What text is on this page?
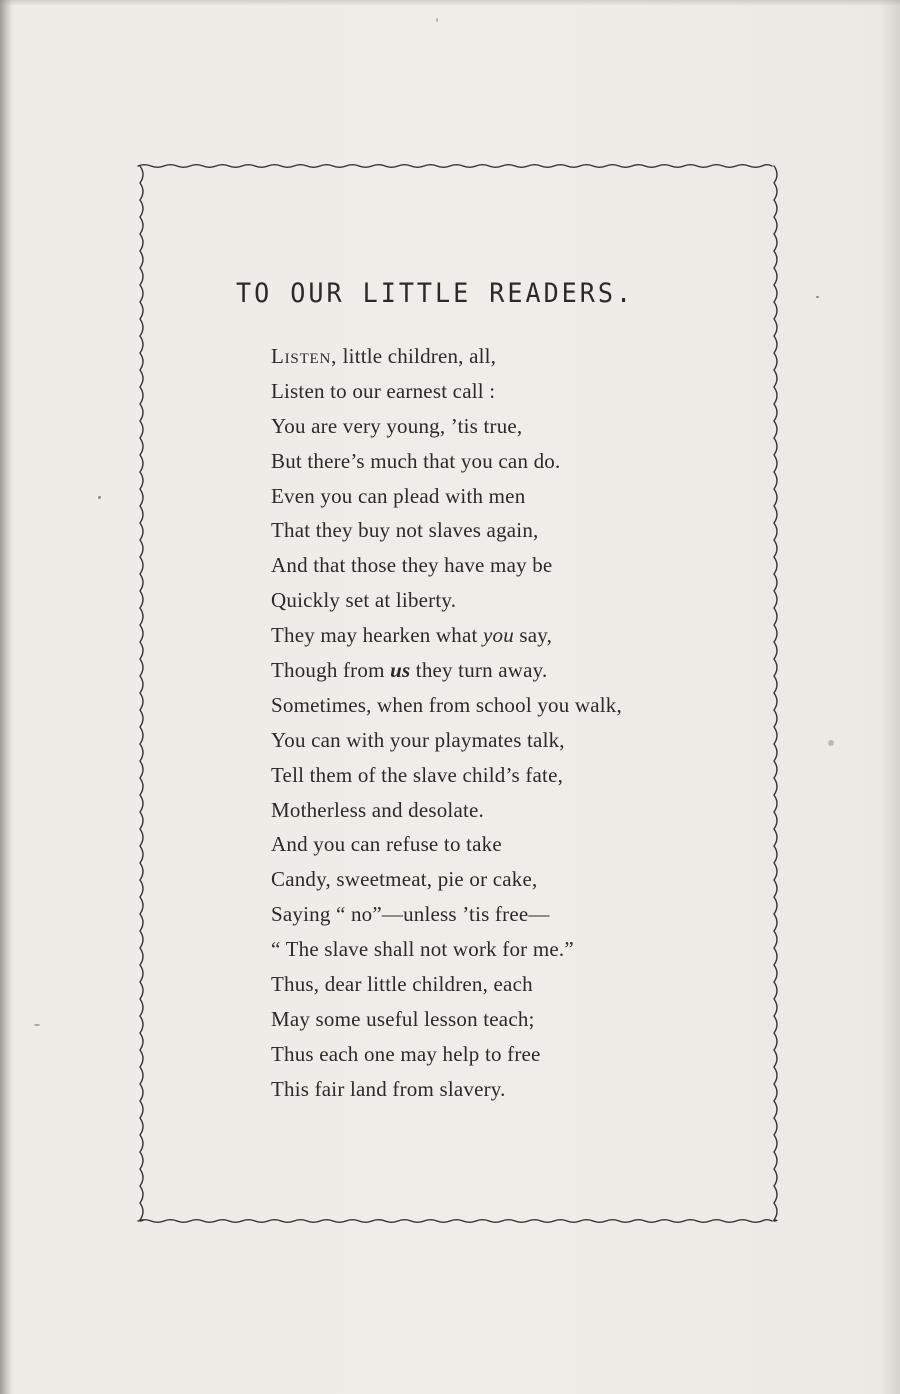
TO OUR LITTLE READERS.
Listen, little children, all,
Listen to our earnest call :
You are very young, ’tis true,
But there’s much that you can do.
Even you can plead with men
That they buy not slaves again,
And that those they have may be
Quickly set at liberty.
They may hearken what you say,
Though from us they turn away.
Sometimes, when from school you walk,
You can with your playmates talk,
Tell them of the slave child’s fate,
Motherless and desolate.
And you can refuse to take
Candy, sweetmeat, pie or cake,
Saying “ no”—unless ’tis free—
“ The slave shall not work for me.”
Thus, dear little children, each
May some useful lesson teach;
Thus each one may help to free
This fair land from slavery.
